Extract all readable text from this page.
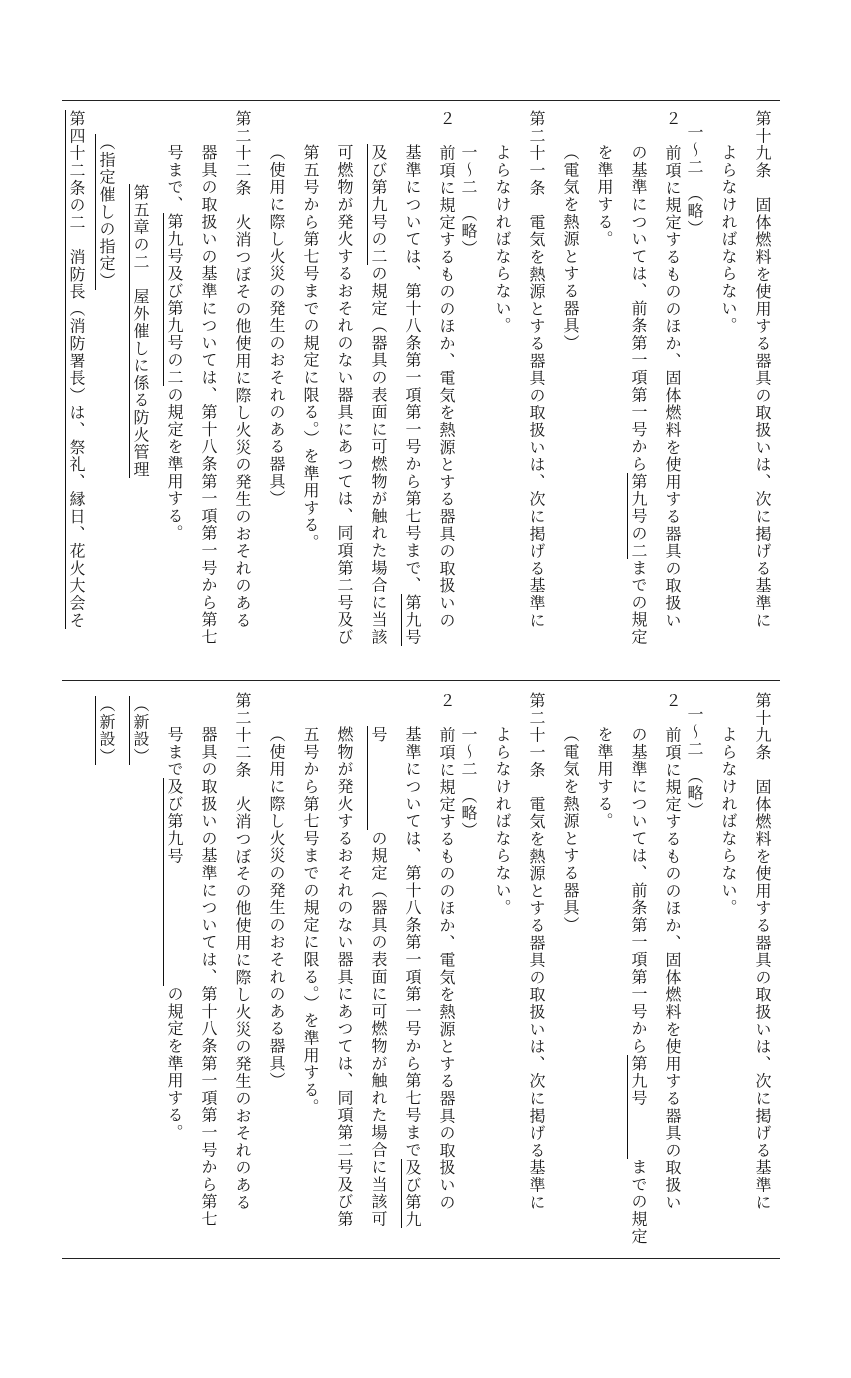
第十九条　固体燃料を使用する器具の取扱いは、次に掲げる基準に
よらなければならない。
一～二　（略）
２　前項に規定するもののほか、固体燃料を使用する器具の取扱い
の基準については、前条第一項第一号から第九号の二までの規定
を準用する。
（電気を熱源とする器具）
第二十一条　電気を熱源とする器具の取扱いは、次に掲げる基準に
よらなければならない。
一～二　（略）
２　前項に規定するもののほか、電気を熱源とする器具の取扱いの
基準については、第十八条第一項第一号から第七号まで、第九号
及び第九号の二の規定（器具の表面に可燃物が触れた場合に当該
可燃物が発火するおそれのない器具にあつては、同項第二号及び
第五号から第七号までの規定に限る。）を準用する。
（使用に際し火災の発生のおそれのある器具）
第二十二条　火消つぼその他使用に際し火災の発生のおそれのある
器具の取扱いの基準については、第十八条第一項第一号から第七
号まで、第九号及び第九号の二の規定を準用する。
第五章の二　屋外催しに係る防火管理
（指定催しの指定）
第四十二条の二　消防長（消防署長）は、祭礼、縁日、花火大会そ
第十九条　固体燃料を使用する器具の取扱いは、次に掲げる基準に
よらなければならない。
一～二　（略）
２　前項に規定するもののほか、固体燃料を使用する器具の取扱い
の基準については、前条第一項第一号から第九号　　　までの規定
を準用する。
（電気を熱源とする器具）
第二十一条　電気を熱源とする器具の取扱いは、次に掲げる基準に
よらなければならない。
一～二　（略）
２　前項に規定するもののほか、電気を熱源とする器具の取扱いの
基準については、第十八条第一項第一号から第七号まで及び第九
号　　　　　の規定（器具の表面に可燃物が触れた場合に当該可
燃物が発火するおそれのない器具にあつては、同項第二号及び第
五号から第七号までの規定に限る。）を準用する。
（使用に際し火災の発生のおそれのある器具）
第二十二条　火消つぼその他使用に際し火災の発生のおそれのある
器具の取扱いの基準については、第十八条第一項第一号から第七
号まで及び第九号　　　　　　　の規定を準用する。
（新設）
（新設）
